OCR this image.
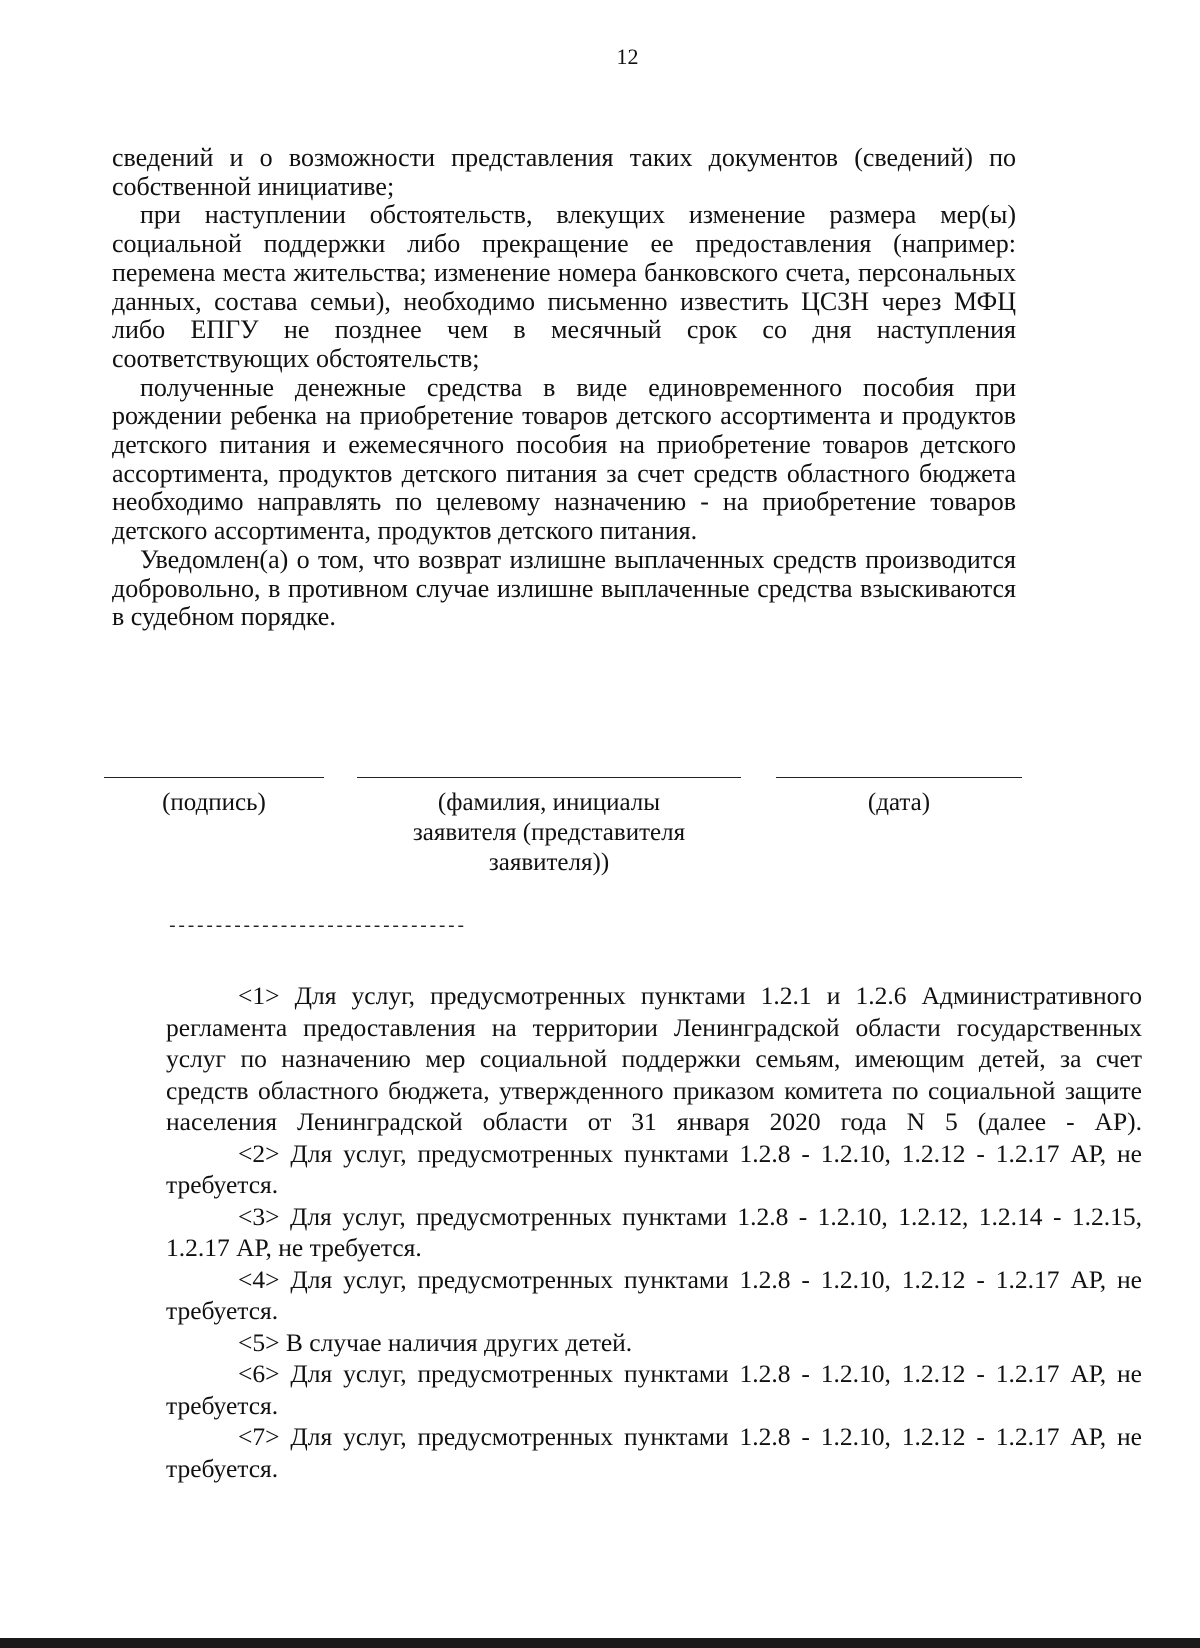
12

сведений и о возможности представления таких документов (сведений) по собственной инициативе;

при наступлении обстоятельств, влекущих изменение размера мер(ы) социальной поддержки либо прекращение ее предоставления (например: перемена места жительства; изменение номера банковского счета, персональных данных, состава семьи), необходимо письменно известить ЦСЗН через МФЦ либо ЕПГУ не позднее чем в месячный срок со дня наступления соответствующих обстоятельств;

полученные денежные средства в виде единовременного пособия при рождении ребенка на приобретение товаров детского ассортимента и продуктов детского питания и ежемесячного пособия на приобретение товаров детского ассортимента, продуктов детского питания за счет средств областного бюджета необходимо направлять по целевому назначению - на приобретение товаров детского ассортимента, продуктов детского питания.

Уведомлен(а) о том, что возврат излишне выплаченных средств производится добровольно, в противном случае излишне выплаченные средства взыскиваются в судебном порядке.

(подпись)	(фамилия, инициалы
заявителя (представителя
заявителя))
(дата)
--------------------------------

<1> Для услуг, предусмотренных пунктами 1.2.1 и 1.2.6 Административного регламента предоставления на территории Ленинградской области государственных услуг по назначению мер социальной поддержки семьям, имеющим детей, за счет средств областного бюджета, утвержденного приказом комитета по социальной защите населения Ленинградской области от 31 января 2020 года N 5 (далее - АР).

<2> Для услуг, предусмотренных пунктами 1.2.8 - 1.2.10, 1.2.12 - 1.2.17 АР, не требуется.

<3> Для услуг, предусмотренных пунктами 1.2.8 - 1.2.10, 1.2.12, 1.2.14 - 1.2.15, 1.2.17 АР, не требуется.

<4> Для услуг, предусмотренных пунктами 1.2.8 - 1.2.10, 1.2.12 - 1.2.17 АР, не требуется.

<5> В случае наличия других детей.

<6> Для услуг, предусмотренных пунктами 1.2.8 - 1.2.10, 1.2.12 - 1.2.17 АР, не требуется.

<7> Для услуг, предусмотренных пунктами 1.2.8 - 1.2.10, 1.2.12 - 1.2.17 АР, не требуется.
